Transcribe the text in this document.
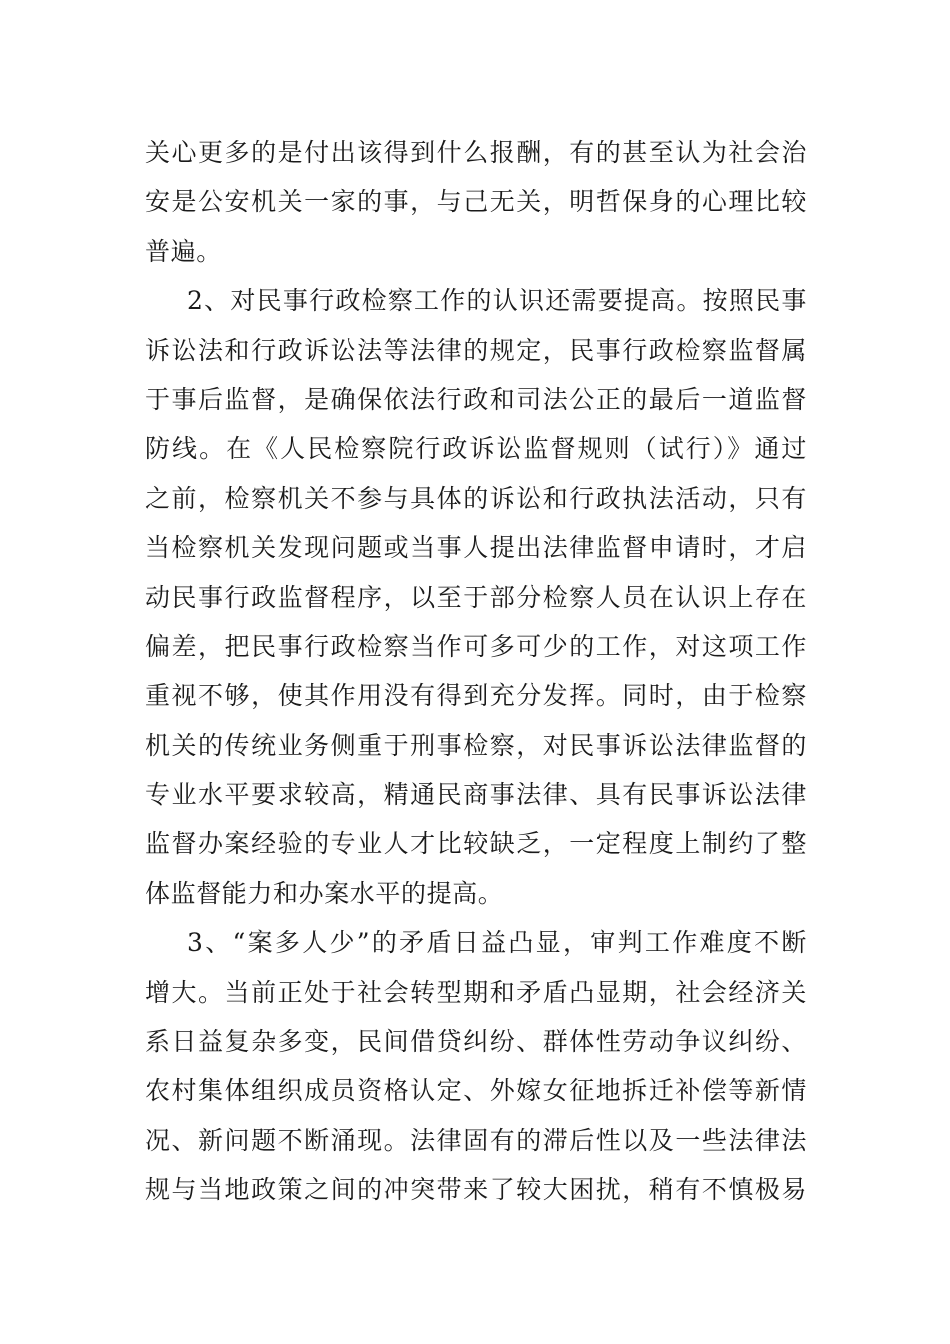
关心更多的是付出该得到什么报酬，有的甚至认为社会治
安是公安机关一家的事，与己无关，明哲保身的心理比较
普遍。
2、对民事行政检察工作的认识还需要提高。按照民事
诉讼法和行政诉讼法等法律的规定，民事行政检察监督属
于事后监督，是确保依法行政和司法公正的最后一道监督
防线。在《人民检察院行政诉讼监督规则（试行）》通过
之前，检察机关不参与具体的诉讼和行政执法活动，只有
当检察机关发现问题或当事人提出法律监督申请时，才启
动民事行政监督程序，以至于部分检察人员在认识上存在
偏差，把民事行政检察当作可多可少的工作，对这项工作
重视不够，使其作用没有得到充分发挥。同时，由于检察
机关的传统业务侧重于刑事检察，对民事诉讼法律监督的
专业水平要求较高，精通民商事法律、具有民事诉讼法律
监督办案经验的专业人才比较缺乏，一定程度上制约了整
体监督能力和办案水平的提高。
3、“案多人少”的矛盾日益凸显，审判工作难度不断
增大。当前正处于社会转型期和矛盾凸显期，社会经济关
系日益复杂多变，民间借贷纠纷、群体性劳动争议纠纷、
农村集体组织成员资格认定、外嫁女征地拆迁补偿等新情
况、新问题不断涌现。法律固有的滞后性以及一些法律法
规与当地政策之间的冲突带来了较大困扰，稍有不慎极易
